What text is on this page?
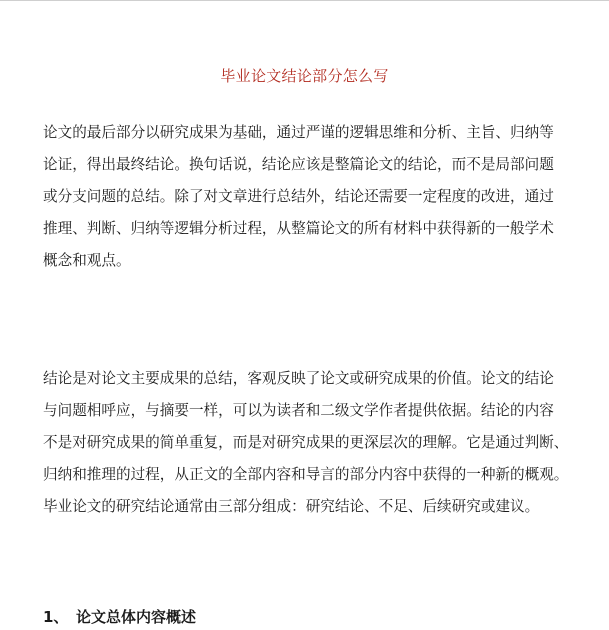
毕业论文结论部分怎么写

论文的最后部分以研究成果为基础，通过严谨的逻辑思维和分析、主旨、归纳等
论证，得出最终结论。换句话说，结论应该是整篇论文的结论，而不是局部问题
或分支问题的总结。除了对文章进行总结外，结论还需要一定程度的改进，通过
推理、判断、归纳等逻辑分析过程，从整篇论文的所有材料中获得新的一般学术
概念和观点。

结论是对论文主要成果的总结，客观反映了论文或研究成果的价值。论文的结论
与问题相呼应，与摘要一样，可以为读者和二级文学作者提供依据。结论的内容
不是对研究成果的简单重复，而是对研究成果的更深层次的理解。它是通过判断、
归纳和推理的过程，从正文的全部内容和导言的部分内容中获得的一种新的概观。
毕业论文的研究结论通常由三部分组成：研究结论、不足、后续研究或建议。

1、 论文总体内容概述
